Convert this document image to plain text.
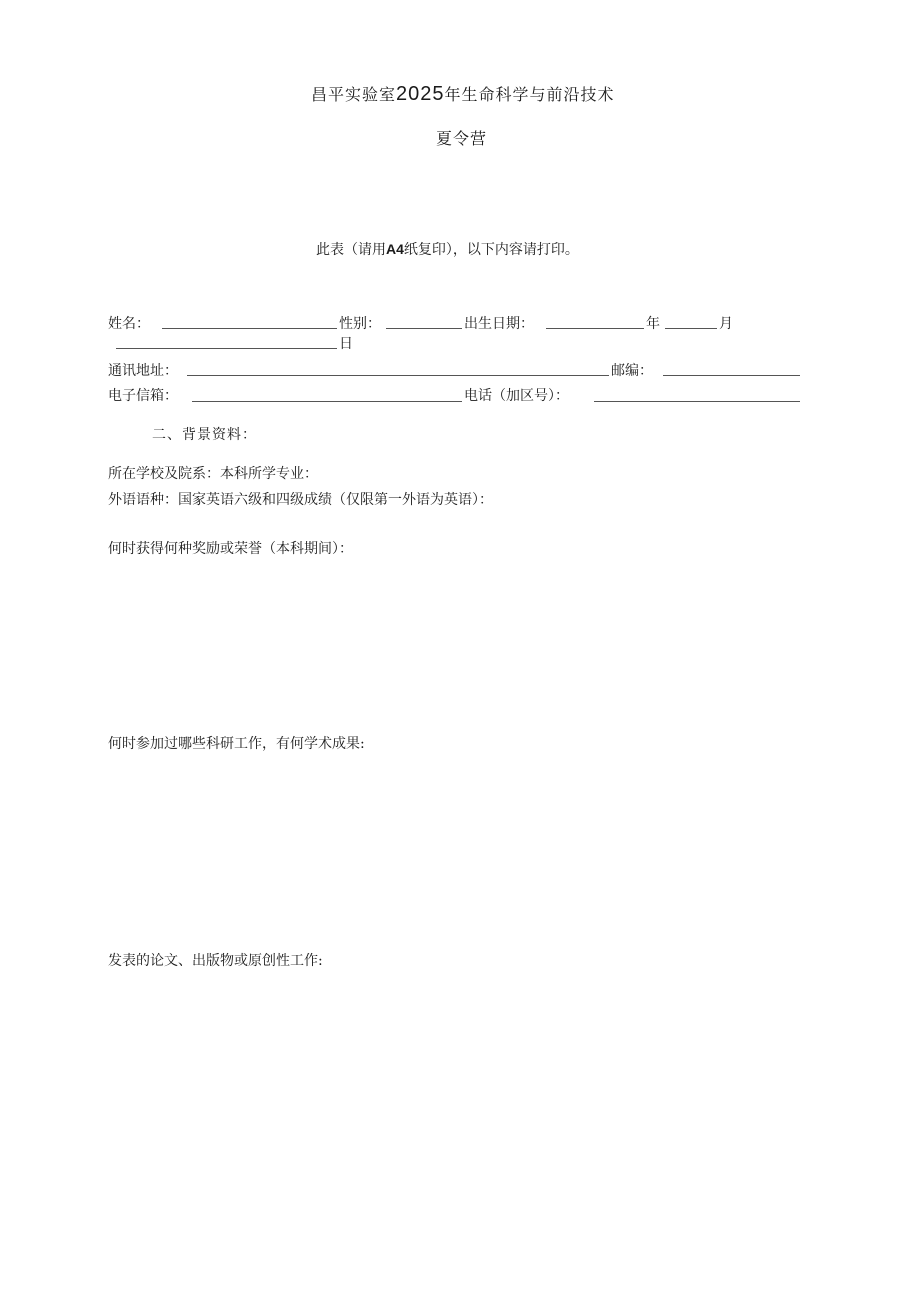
昌平实验室2025年生命科学与前沿技术
夏令营
此表（请用A4纸复印），以下内容请打印。
姓名：	性别：	出生日期：	年	月
日
通讯地址：	邮编：
电子信箱：	电话（加区号）：
二、背景资料：
所在学校及院系：本科所学专业：
外语语种：国家英语六级和四级成绩（仅限第一外语为英语）：
何时获得何种奖励或荣誉（本科期间）：
何时参加过哪些科研工作，有何学术成果:
发表的论文、出版物或原创性工作:
